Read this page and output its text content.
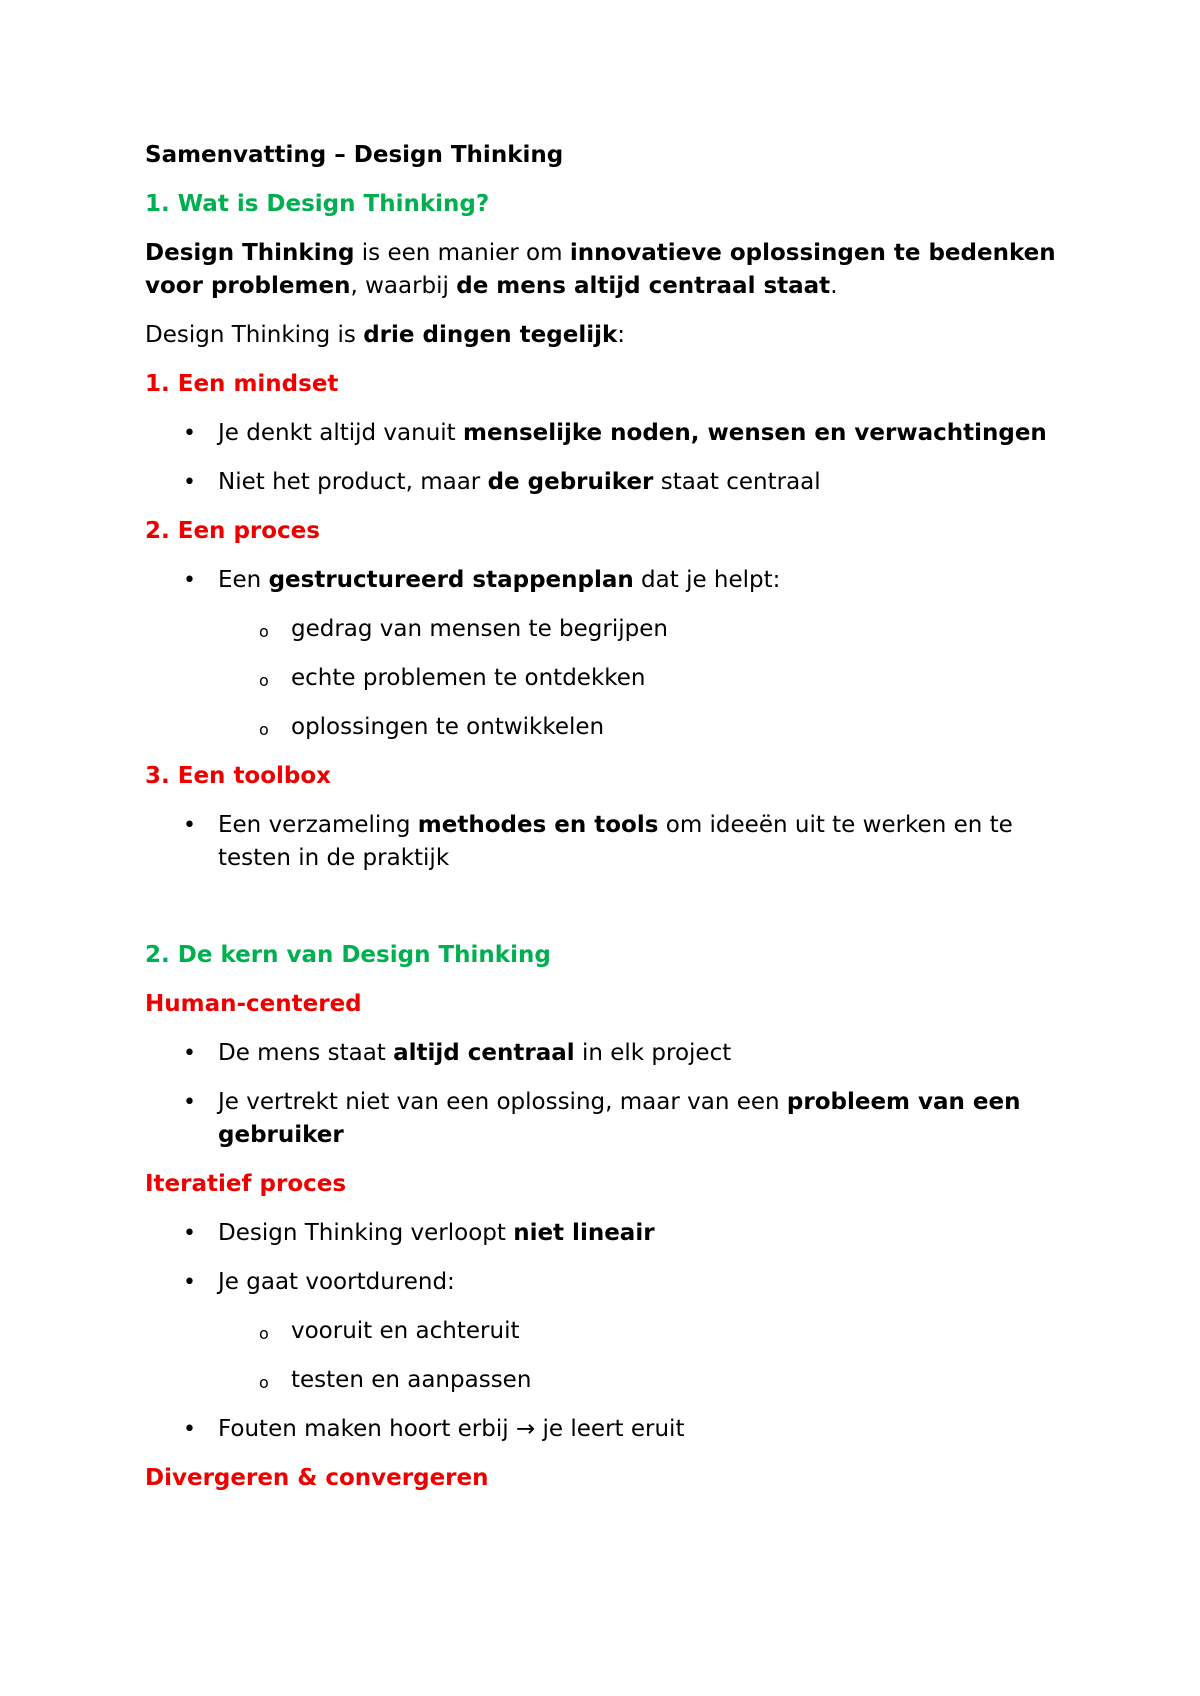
Samenvatting – Design Thinking

1. Wat is Design Thinking?

Design Thinking is een manier om innovatieve oplossingen te bedenken voor problemen, waarbij de mens altijd centraal staat.

Design Thinking is drie dingen tegelijk:

1. Een mindset

• Je denkt altijd vanuit menselijke noden, wensen en verwachtingen
• Niet het product, maar de gebruiker staat centraal

2. Een proces

• Een gestructureerd stappenplan dat je helpt:
o gedrag van mensen te begrijpen
o echte problemen te ontdekken
o oplossingen te ontwikkelen

3. Een toolbox

• Een verzameling methodes en tools om ideeën uit te werken en te testen in de praktijk

2. De kern van Design Thinking

Human-centered

• De mens staat altijd centraal in elk project
• Je vertrekt niet van een oplossing, maar van een probleem van een gebruiker

Iteratief proces

• Design Thinking verloopt niet lineair
• Je gaat voortdurend:
o vooruit en achteruit
o testen en aanpassen
• Fouten maken hoort erbij → je leert eruit

Divergeren & convergeren
